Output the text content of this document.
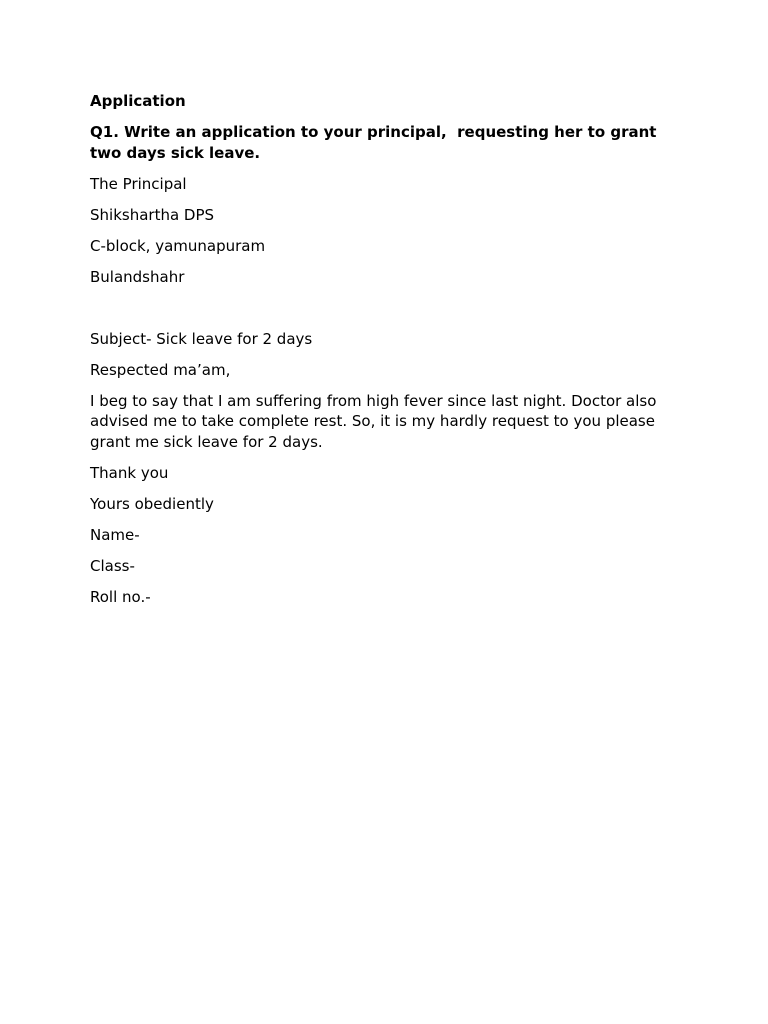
Application

Q1. Write an application to your principal,  requesting her to grant two days sick leave.

The Principal

Shikshartha DPS

C-block, yamunapuram

Bulandshahr

Subject- Sick leave for 2 days

Respected ma’am,

I beg to say that I am suffering from high fever since last night. Doctor also advised me to take complete rest. So, it is my hardly request to you please grant me sick leave for 2 days.

Thank you

Yours obediently

Name-

Class-

Roll no.-
